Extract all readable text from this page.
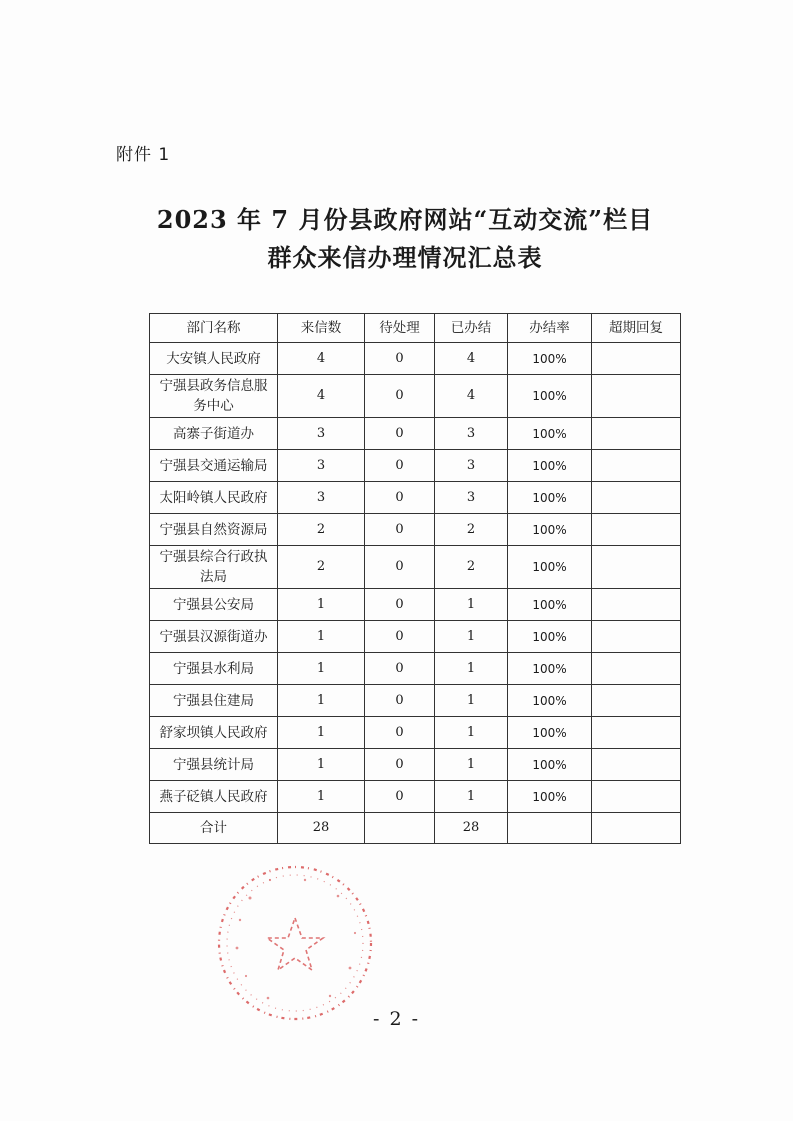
附件 1
2023 年 7 月份县政府网站“互动交流”栏目
群众来信办理情况汇总表
部门名称	来信数	待处理	已办结	办结率	超期回复
大安镇人民政府	4	0	4	100%	
宁强县政务信息服务中心	4	0	4	100%	
高寨子街道办	3	0	3	100%	
宁强县交通运输局	3	0	3	100%	
太阳岭镇人民政府	3	0	3	100%	
宁强县自然资源局	2	0	2	100%	
宁强县综合行政执法局	2	0	2	100%	
宁强县公安局	1	0	1	100%	
宁强县汉源街道办	1	0	1	100%	
宁强县水利局	1	0	1	100%	
宁强县住建局	1	0	1	100%	
舒家坝镇人民政府	1	0	1	100%	
宁强县统计局	1	0	1	100%	
燕子砭镇人民政府	1	0	1	100%	
合计	28		28		
- 2 -
